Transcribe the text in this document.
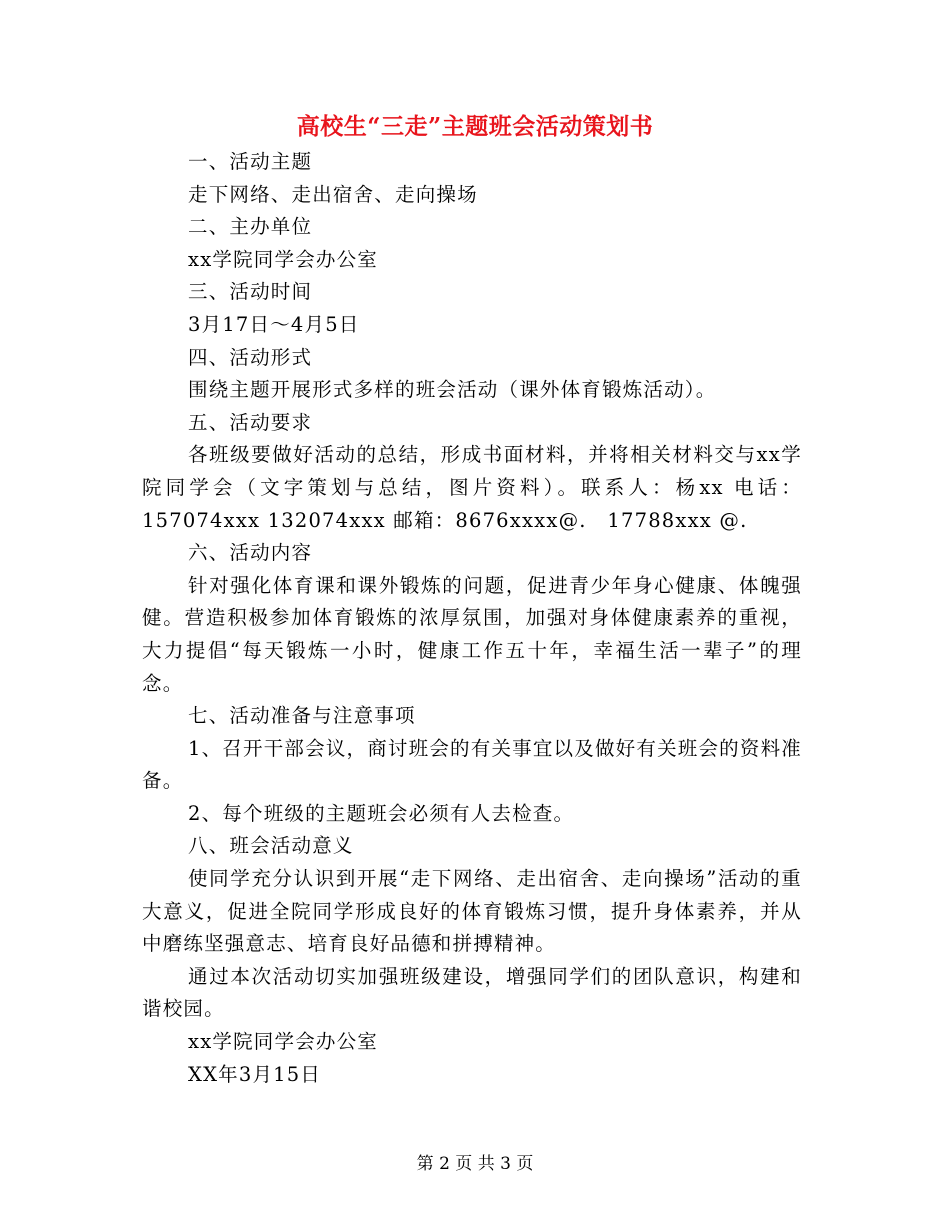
高校生“三走”主题班会活动策划书

一、活动主题

走下网络、走出宿舍、走向操场

二、主办单位

xx学院同学会办公室

三、活动时间

3月17日～4月5日

四、活动形式

围绕主题开展形式多样的班会活动（课外体育锻炼活动）。

五、活动要求

各班级要做好活动的总结，形成书面材料，并将相关材料交与xx学院同学会（文字策划与总结，图片资料）。联系人：杨xx 电话：157074xxx 132074xxx 邮箱：8676xxxx@.　17788xxx @.

六、活动内容

针对强化体育课和课外锻炼的问题，促进青少年身心健康、体魄强健。营造积极参加体育锻炼的浓厚氛围，加强对身体健康素养的重视，大力提倡“每天锻炼一小时，健康工作五十年，幸福生活一辈子”的理念。

七、活动准备与注意事项

1、召开干部会议，商讨班会的有关事宜以及做好有关班会的资料准备。

2、每个班级的主题班会必须有人去检查。

八、班会活动意义

使同学充分认识到开展“走下网络、走出宿舍、走向操场”活动的重大意义，促进全院同学形成良好的体育锻炼习惯，提升身体素养，并从中磨练坚强意志、培育良好品德和拼搏精神。

通过本次活动切实加强班级建设，增强同学们的团队意识，构建和谐校园。

xx学院同学会办公室

XX年3月15日

第 2 页 共 3 页
